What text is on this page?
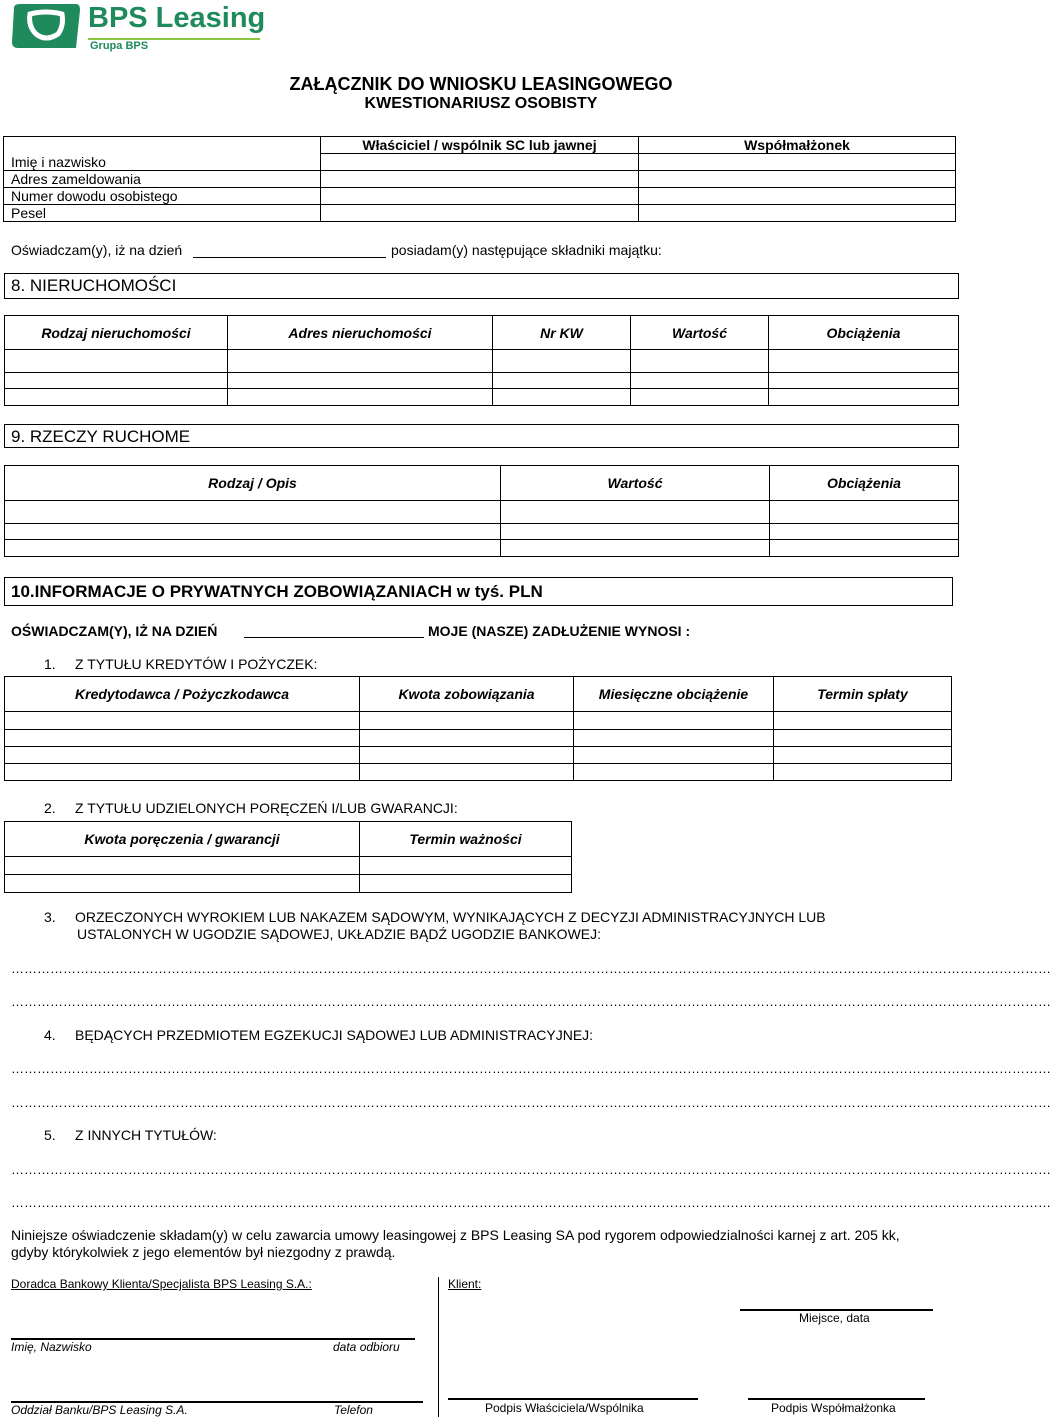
BPS Leasing
Grupa BPS
ZAŁĄCZNIK DO WNIOSKU LEASINGOWEGO
KWESTIONARIUSZ OSOBISTY
	Właściciel / wspólnik SC lub jawnej	Współmałżonek
Imię i nazwisko		
Adres zameldowania		
Numer dowodu osobistego		
Pesel		
Oświadczam(y), iż na dzień	posiadam(y) następujące składniki majątku:
8. NIERUCHOMOŚCI
Rodzaj nieruchomości	Adres nieruchomości	Nr KW	Wartość	Obciążenia

9. RZECZY RUCHOME
Rodzaj / Opis	Wartość	Obciążenia

10.INFORMACJE O PRYWATNYCH ZOBOWIĄZANIACH w tyś. PLN
OŚWIADCZAM(Y), IŻ NA DZIEŃ	MOJE (NASZE) ZADŁUŻENIE WYNOSI :
1. Z TYTUŁU KREDYTÓW I POŻYCZEK:
Kredytodawca / Pożyczkodawca	Kwota zobowiązania	Miesięczne obciążenie	Termin spłaty

2. Z TYTUŁU UDZIELONYCH PORĘCZEŃ I/LUB GWARANCJI:
Kwota poręczenia / gwarancji	Termin ważności

3. ORZECZONYCH WYROKIEM LUB NAKAZEM SĄDOWYM, WYNIKAJĄCYCH Z DECYZJI ADMINISTRACYJNYCH LUB
USTALONYCH W UGODZIE SĄDOWEJ, UKŁADZIE BĄDŹ UGODZIE BANKOWEJ:
……………………………………………………………………………………………………………………………………………………………………………………………………………………
……………………………………………………………………………………………………………………………………………………………………………………………………………………
4. BĘDĄCYCH PRZEDMIOTEM EGZEKUCJI SĄDOWEJ LUB ADMINISTRACYJNEJ:
……………………………………………………………………………………………………………………………………………………………………………………………………………………
……………………………………………………………………………………………………………………………………………………………………………………………………………………
5. Z INNYCH TYTUŁÓW:
……………………………………………………………………………………………………………………………………………………………………………………………………………………
……………………………………………………………………………………………………………………………………………………………………………………………………………………
Niniejsze oświadczenie składam(y) w celu zawarcia umowy leasingowej z BPS Leasing SA pod rygorem odpowiedzialności karnej z art. 205 kk,
gdyby którykolwiek z jego elementów był niezgodny z prawdą.
Doradca Bankowy Klienta/Specjalista BPS Leasing S.A.:	Klient:
Miejsce, data
Imię, Nazwisko	data odbioru
Oddział Banku/BPS Leasing S.A.	Telefon	Podpis Właściciela/Wspólnika	Podpis Współmałżonka
